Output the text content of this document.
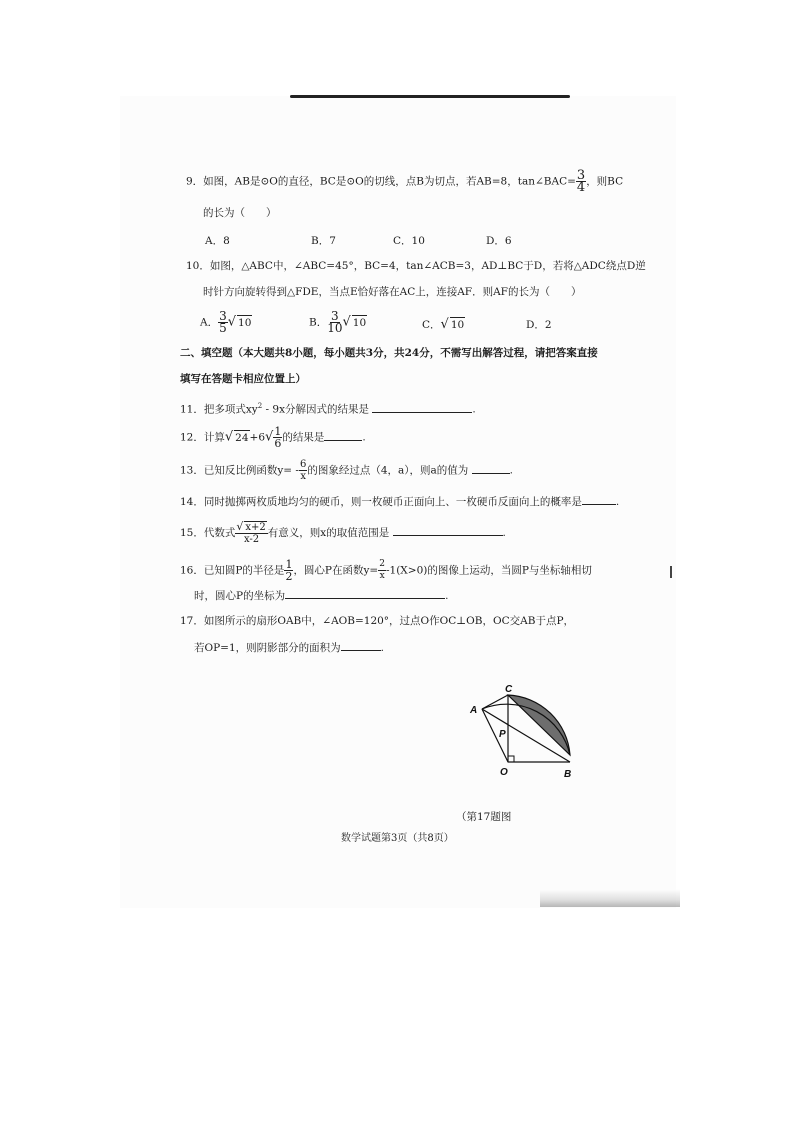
9．如图，AB是⊙O的直径，BC是⊙O的切线，点B为切点，若AB=8，tan∠BAC= $\frac{3}{4}$ ，则BC
的长为（　　）
A．8	B．7	C．10	D．6
10．如图，△ABC中，∠ABC=45°，BC=4，tan∠ACB=3，AD⊥BC于D，若将△ADC绕点D逆
时针方向旋转得到△FDE，当点E恰好落在AC上，连接AF．则AF的长为（　　）
A． $\frac{3}{5}$ √ 10	B． $\frac{3}{10}$ √ 10	C．√ 10	D．2
二、填空题（本大题共8小题，每小题共3分，共24分，不需写出解答过程，请把答案直接
填写在答题卡相应位置上）
11．把多项式$xy^2 - 9x$分解因式的结果是	.
12．计算√ $24+6√ \frac{1}{6}$ 的结果是	.
13．已知反比例函数$y= - \frac{6}{x}$ 的图象经过点（4，a），则a的值为	.
14．同时抛掷两枚质地均匀的硬币，则一枚硬币正面向上、一枚硬币反面向上的概率是	.
15．代数式 $\frac{√ x+2}{x-2}$ 有意义，则x的取值范围是	.
16．已知圆P的半径是 $\frac{1}{2}$ ，圆心P在函数$y= \frac{2}{x} -1(X>0)$的图像上运动，当圆P与坐标轴相切
时，圆心P的坐标为	.
17．如图所示的扇形OAB中，∠AOB=120°，过点O作OC⊥OB，OC交AB于点P，
若OP=1，则阴影部分的面积为	.
C
A
P
O	B
（第17题图
数学试题第3页（共8页）
